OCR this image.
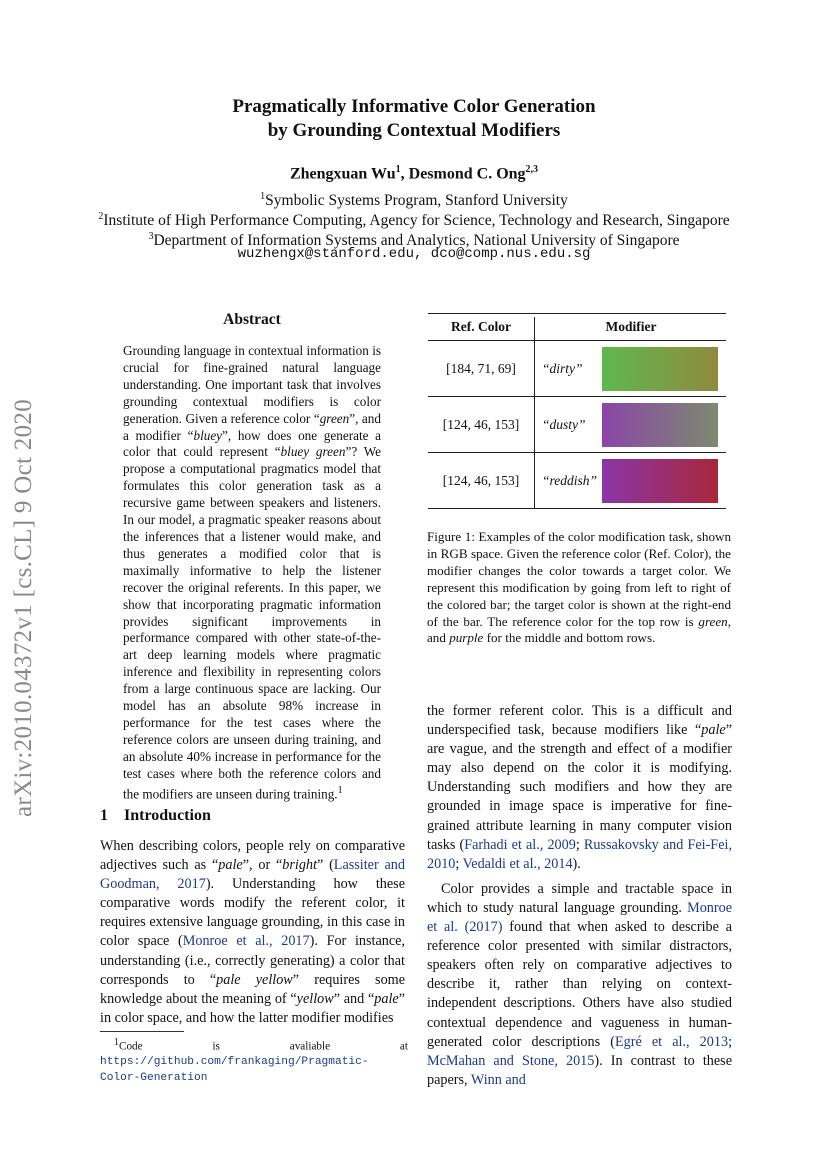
arXiv:2010.04372v1 [cs.CL] 9 Oct 2020
Pragmatically Informative Color Generation
by Grounding Contextual Modifiers
Zhengxuan Wu$^1$, Desmond C. Ong$^{2,3}$
$^1$Symbolic Systems Program, Stanford University
$^2$Institute of High Performance Computing, Agency for Science, Technology and Research, Singapore
$^3$Department of Information Systems and Analytics, National University of Singapore
wuzhengx@stanford.edu, dco@comp.nus.edu.sg
Abstract
Grounding language in contextual information is crucial for fine-grained natural language understanding. One important task that involves grounding contextual modifiers is color generation. Given a reference color “green”, and a modifier “bluey”, how does one generate a color that could represent “bluey green”? We propose a computational pragmatics model that formulates this color generation task as a recursive game between speakers and listeners. In our model, a pragmatic speaker reasons about the inferences that a listener would make, and thus generates a modified color that is maximally informative to help the listener recover the original referents. In this paper, we show that incorporating pragmatic information provides significant improvements in performance compared with other state-of-the-art deep learning models where pragmatic inference and flexibility in representing colors from a large continuous space are lacking. Our model has an absolute 98% increase in performance for the test cases where the reference colors are unseen during training, and an absolute 40% increase in performance for the test cases where both the reference colors and the modifiers are unseen during training.$^1$
1 Introduction
When describing colors, people rely on comparative adjectives such as “pale”, or “bright” (Lassiter and Goodman, 2017). Understanding how these comparative words modify the referent color, it requires extensive language grounding, in this case in color space (Monroe et al., 2017). For instance, understanding (i.e., correctly generating) a color that corresponds to “pale yellow” requires some knowledge about the meaning of “yellow” and “pale” in color space, and how the latter modifier modifies
$^1$Code is avaliable at https://github.com/frankaging/Pragmatic-Color-Generation
Ref. Color	Modifier
[184, 71, 69]	“dirty”
[124, 46, 153]	“dusty”
[124, 46, 153]	“reddish”
Figure 1: Examples of the color modification task, shown in RGB space. Given the reference color (Ref. Color), the modifier changes the color towards a target color. We represent this modification by going from left to right of the colored bar; the target color is shown at the right-end of the bar. The reference color for the top row is green, and purple for the middle and bottom rows.
the former referent color. This is a difficult and underspecified task, because modifiers like “pale” are vague, and the strength and effect of a modifier may also depend on the color it is modifying. Understanding such modifiers and how they are grounded in image space is imperative for fine-grained attribute learning in many computer vision tasks (Farhadi et al., 2009; Russakovsky and Fei-Fei, 2010; Vedaldi et al., 2014).
Color provides a simple and tractable space in which to study natural language grounding. Monroe et al. (2017) found that when asked to describe a reference color presented with similar distractors, speakers often rely on comparative adjectives to describe it, rather than relying on context-independent descriptions. Others have also studied contextual dependence and vagueness in human-generated color descriptions (Egré et al., 2013; McMahan and Stone, 2015). In contrast to these papers, Winn and
